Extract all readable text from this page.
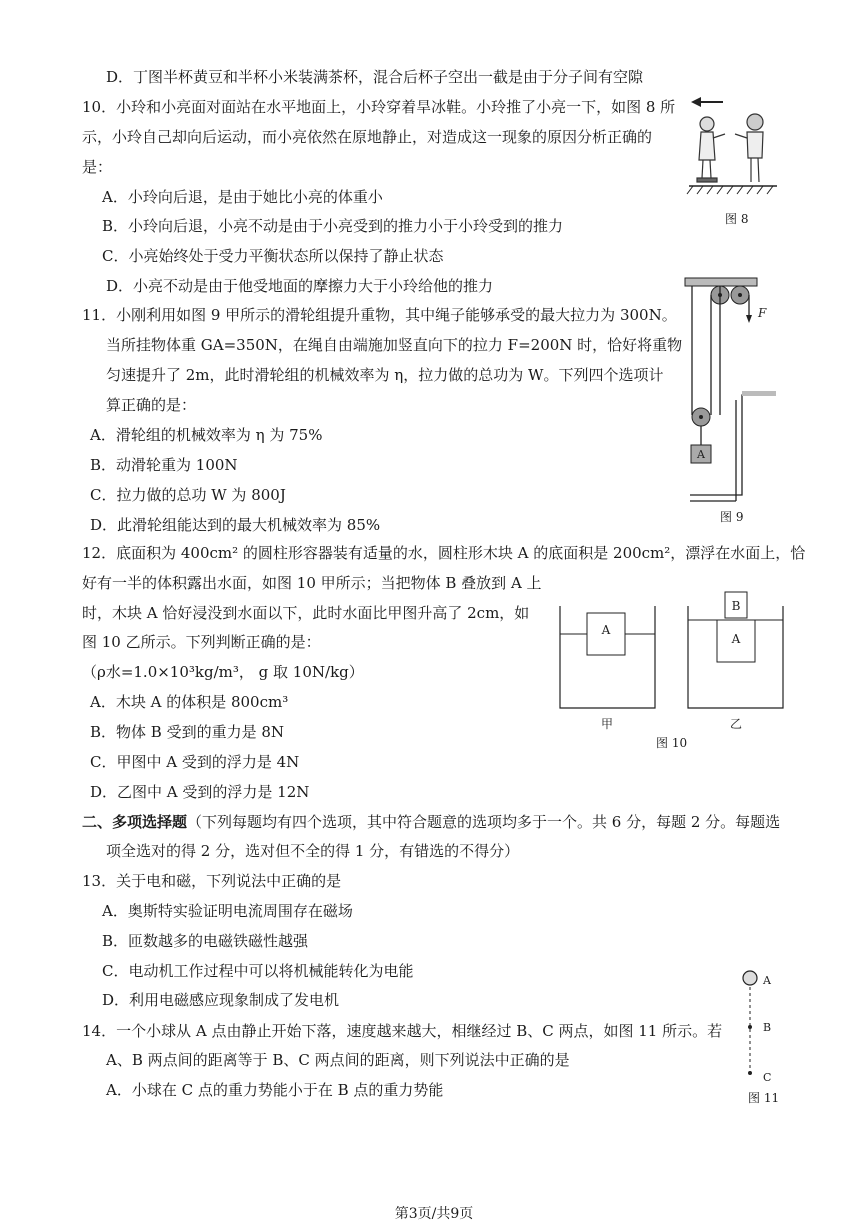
D．丁图半杯黄豆和半杯小米装满茶杯，混合后杯子空出一截是由于分子间有空隙
10．小玲和小亮面对面站在水平地面上，小玲穿着旱冰鞋。小玲推了小亮一下，如图 8 所
示，小玲自己却向后运动，而小亮依然在原地静止，对造成这一现象的原因分析正确的
是：
A．小玲向后退，是由于她比小亮的体重小
B．小玲向后退，小亮不动是由于小亮受到的推力小于小玲受到的推力
C．小亮始终处于受力平衡状态所以保持了静止状态
D．小亮不动是由于他受地面的摩擦力大于小玲给他的推力
图 8
11．小刚利用如图 9 甲所示的滑轮组提升重物，其中绳子能够承受的最大拉力为 300N。
当所挂物体重 GA=350N，在绳自由端施加竖直向下的拉力 F=200N 时，恰好将重物
匀速提升了 2m，此时滑轮组的机械效率为 η，拉力做的总功为 W。下列四个选项计
算正确的是：
A．滑轮组的机械效率为 η 为 75%
B．动滑轮重为 100N
C．拉力做的总功 W 为 800J
D．此滑轮组能达到的最大机械效率为 85%
F
A
图 9
12．底面积为 400cm² 的圆柱形容器装有适量的水，圆柱形木块 A 的底面积是 200cm²，漂浮在水面上，恰
好有一半的体积露出水面，如图 10 甲所示；当把物体 B 叠放到 A 上
时，木块 A 恰好浸没到水面以下，此时水面比甲图升高了 2cm，如
图 10 乙所示。下列判断正确的是：
（ρ水=1.0×10³kg/m³， g 取 10N/kg）
A．木块 A 的体积是 800cm³
B．物体 B 受到的重力是 8N
C．甲图中 A 受到的浮力是 4N
D．乙图中 A 受到的浮力是 12N
A
A
B
甲	乙
图 10
二、多项选择题（下列每题均有四个选项，其中符合题意的选项均多于一个。共 6 分，每题 2 分。每题选
项全选对的得 2 分，选对但不全的得 1 分，有错选的不得分）
13．关于电和磁，下列说法中正确的是
A．奥斯特实验证明电流周围存在磁场
B．匝数越多的电磁铁磁性越强
C．电动机工作过程中可以将机械能转化为电能
D．利用电磁感应现象制成了发电机
A
B
C
图 11
14．一个小球从 A 点由静止开始下落，速度越来越大，相继经过 B、C 两点，如图 11 所示。若
A、B 两点间的距离等于 B、C 两点间的距离，则下列说法中正确的是
A．小球在 C 点的重力势能小于在 B 点的重力势能
第3页/共9页
